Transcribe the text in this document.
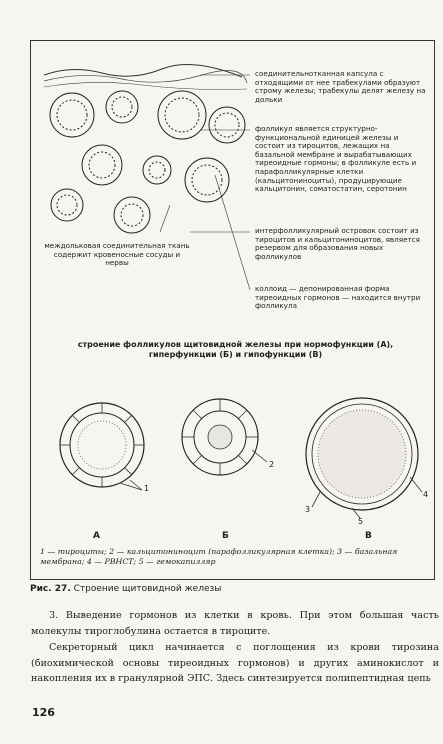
соединительнотканная капсула с отходящими от нее трабекулами образуют строму железы; трабекулы делят железу на дольки

фолликул является структурно-функциональной единицей железы и состоит из тироцитов, лежащих на базальной мембране и вырабатывающих тиреоидные гормоны; в фолликуле есть и парафолликулярные клетки (кальцитониноциты), продуцирующие кальцитонин, соматостатин, серотонин

интерфолликулярный островок состоит из тироцитов и кальцитониноцитов, является резервом для образования новых фолликулов

междольковая соединительная ткань содержит кровеносные сосуды и нервы

коллоид — депонированная форма тиреоидных гормонов — находится внутри фолликула

строение фолликулов щитовидной железы при нормофункции (А), гиперфункции (Б) и гипофункции (В)
1
2
3
4
5
А	Б	В
1 — тироциты; 2 — кальцитониноцит (парафолликулярная клетка); 3 — базальная мембрана; 4 — РВНСТ; 5 — гемокапилляр
Рис. 27. Строение щитовидной железы

3. Выведение гормонов из клетки в кровь. При этом большая часть молекулы тироглобулина остается в тироците.

Секреторный цикл начинается с поглощения из крови тирозина (биохимической основы тиреоидных гормонов) и других аминокислот и накопления их в гранулярной ЭПС. Здесь синтезируется полипептидная цепь

126
